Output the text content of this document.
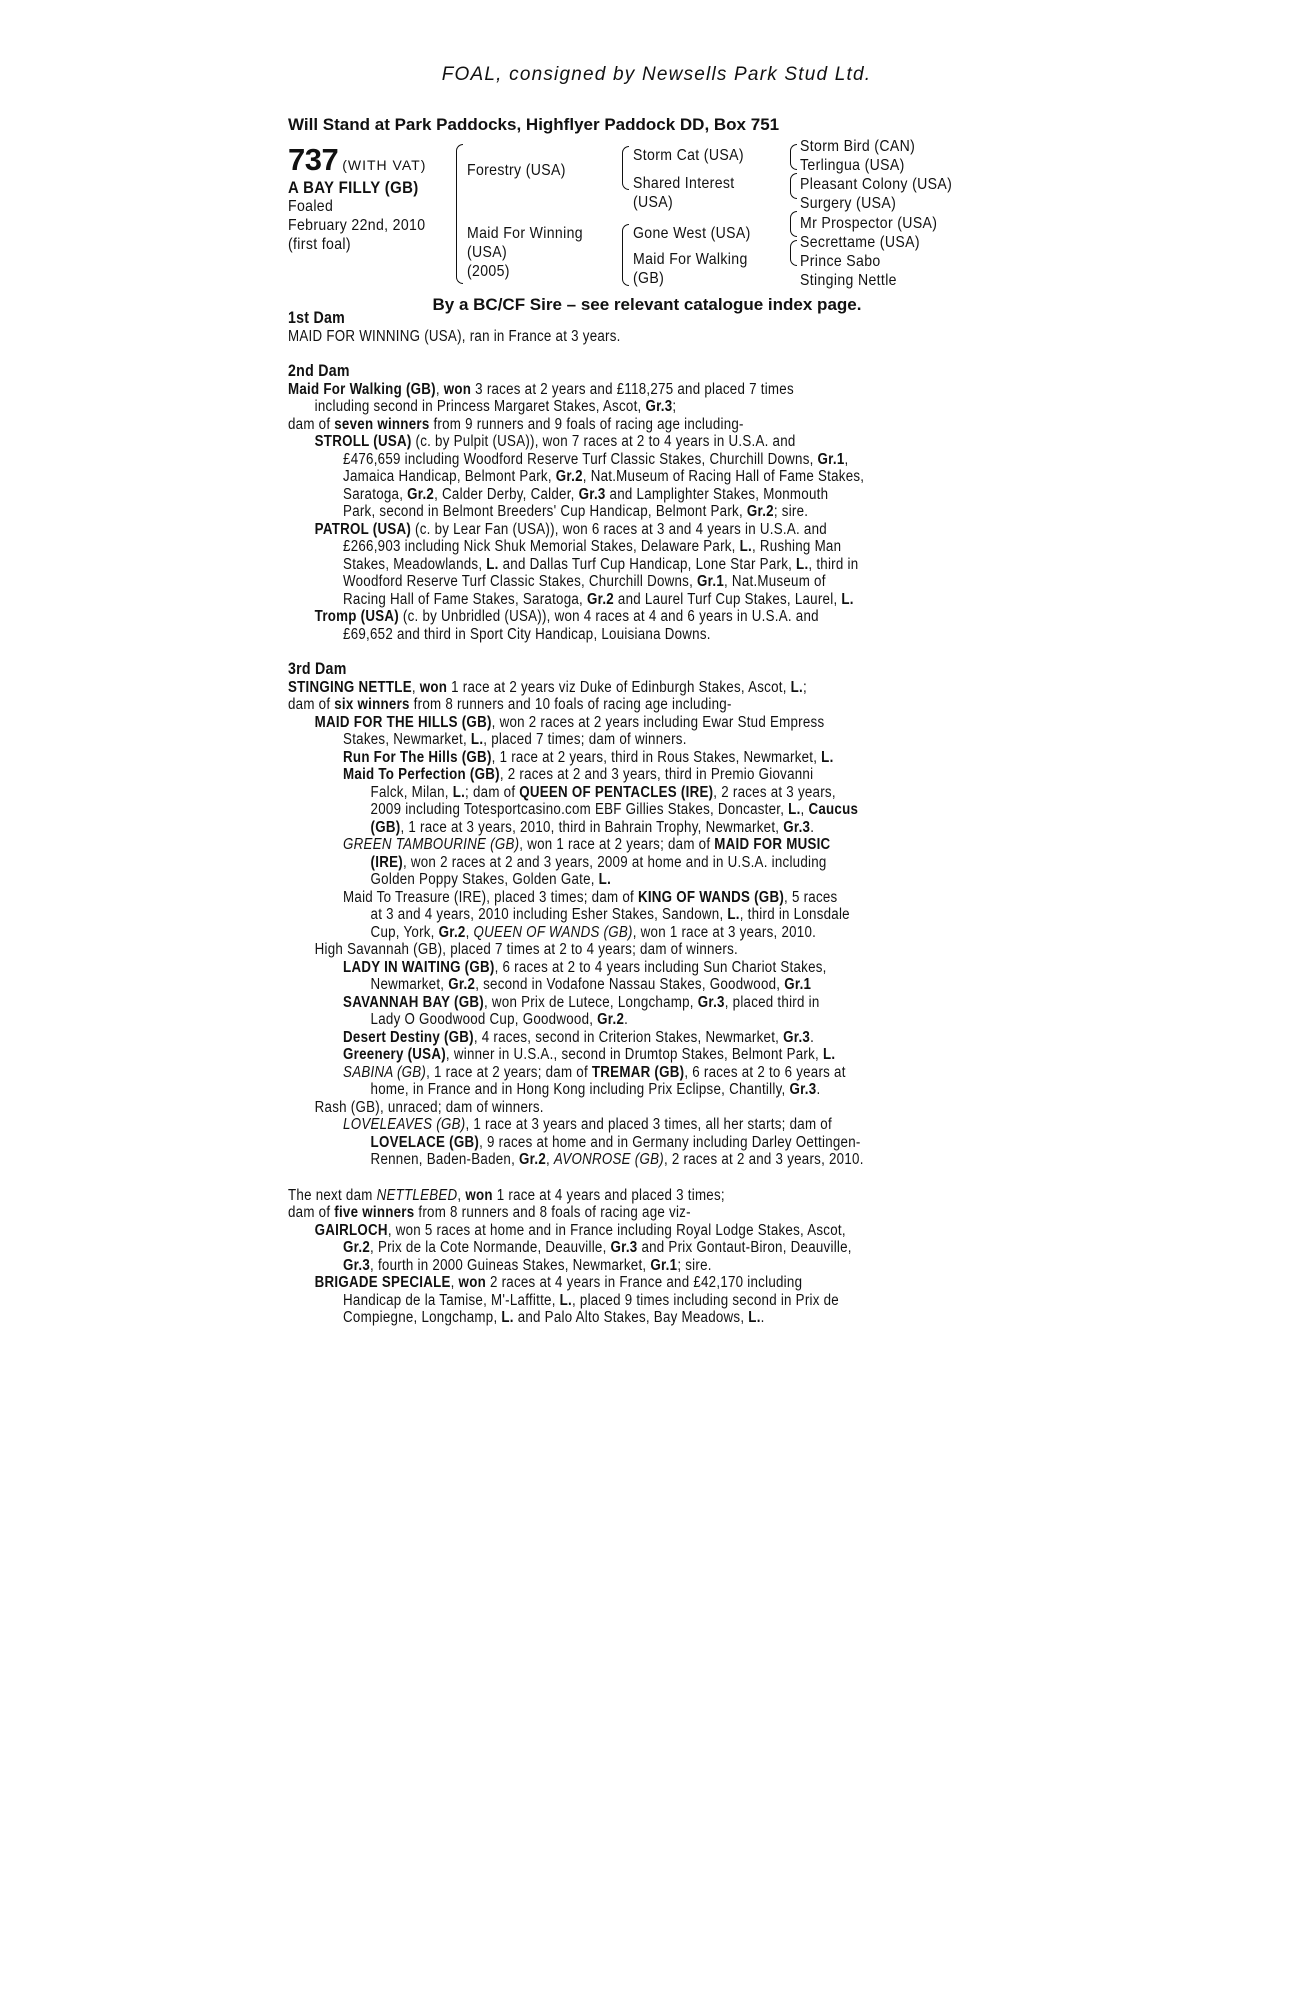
FOAL, consigned by Newsells Park Stud Ltd.
Will Stand at Park Paddocks, Highflyer Paddock DD, Box 751
737 (WITH VAT)
A BAY FILLY (GB)
Foaled
February 22nd, 2010
(first foal)
Forestry (USA)
Maid For Winning
(USA)
(2005)
Storm Cat (USA)
Shared Interest
(USA)
Gone West (USA)
Maid For Walking
(GB)
Storm Bird (CAN)
Terlingua (USA)
Pleasant Colony (USA)
Surgery (USA)
Mr Prospector (USA)
Secrettame (USA)
Prince Sabo
Stinging Nettle
By a BC/CF Sire – see relevant catalogue index page.

1st Dam

MAID FOR WINNING (USA), ran in France at 3 years.

2nd Dam

Maid For Walking (GB), won 3 races at 2 years and £118,275 and placed 7 times

including second in Princess Margaret Stakes, Ascot, Gr.3;

dam of seven winners from 9 runners and 9 foals of racing age including-

STROLL (USA) (c. by Pulpit (USA)), won 7 races at 2 to 4 years in U.S.A. and

£476,659 including Woodford Reserve Turf Classic Stakes, Churchill Downs, Gr.1,

Jamaica Handicap, Belmont Park, Gr.2, Nat.Museum of Racing Hall of Fame Stakes,

Saratoga, Gr.2, Calder Derby, Calder, Gr.3 and Lamplighter Stakes, Monmouth

Park, second in Belmont Breeders' Cup Handicap, Belmont Park, Gr.2; sire.

PATROL (USA) (c. by Lear Fan (USA)), won 6 races at 3 and 4 years in U.S.A. and

£266,903 including Nick Shuk Memorial Stakes, Delaware Park, L., Rushing Man

Stakes, Meadowlands, L. and Dallas Turf Cup Handicap, Lone Star Park, L., third in

Woodford Reserve Turf Classic Stakes, Churchill Downs, Gr.1, Nat.Museum of

Racing Hall of Fame Stakes, Saratoga, Gr.2 and Laurel Turf Cup Stakes, Laurel, L.

Tromp (USA) (c. by Unbridled (USA)), won 4 races at 4 and 6 years in U.S.A. and

£69,652 and third in Sport City Handicap, Louisiana Downs.

3rd Dam

STINGING NETTLE, won 1 race at 2 years viz Duke of Edinburgh Stakes, Ascot, L.;

dam of six winners from 8 runners and 10 foals of racing age including-

MAID FOR THE HILLS (GB), won 2 races at 2 years including Ewar Stud Empress

Stakes, Newmarket, L., placed 7 times; dam of winners.

Run For The Hills (GB), 1 race at 2 years, third in Rous Stakes, Newmarket, L.

Maid To Perfection (GB), 2 races at 2 and 3 years, third in Premio Giovanni

Falck, Milan, L.; dam of QUEEN OF PENTACLES (IRE), 2 races at 3 years,

2009 including Totesportcasino.com EBF Gillies Stakes, Doncaster, L., Caucus

(GB), 1 race at 3 years, 2010, third in Bahrain Trophy, Newmarket, Gr.3.

GREEN TAMBOURINE (GB), won 1 race at 2 years; dam of MAID FOR MUSIC

(IRE), won 2 races at 2 and 3 years, 2009 at home and in U.S.A. including

Golden Poppy Stakes, Golden Gate, L.

Maid To Treasure (IRE), placed 3 times; dam of KING OF WANDS (GB), 5 races

at 3 and 4 years, 2010 including Esher Stakes, Sandown, L., third in Lonsdale

Cup, York, Gr.2, QUEEN OF WANDS (GB), won 1 race at 3 years, 2010.

High Savannah (GB), placed 7 times at 2 to 4 years; dam of winners.

LADY IN WAITING (GB), 6 races at 2 to 4 years including Sun Chariot Stakes,

Newmarket, Gr.2, second in Vodafone Nassau Stakes, Goodwood, Gr.1

SAVANNAH BAY (GB), won Prix de Lutece, Longchamp, Gr.3, placed third in

Lady O Goodwood Cup, Goodwood, Gr.2.

Desert Destiny (GB), 4 races, second in Criterion Stakes, Newmarket, Gr.3.

Greenery (USA), winner in U.S.A., second in Drumtop Stakes, Belmont Park, L.

SABINA (GB), 1 race at 2 years; dam of TREMAR (GB), 6 races at 2 to 6 years at

home, in France and in Hong Kong including Prix Eclipse, Chantilly, Gr.3.

Rash (GB), unraced; dam of winners.

LOVELEAVES (GB), 1 race at 3 years and placed 3 times, all her starts; dam of

LOVELACE (GB), 9 races at home and in Germany including Darley Oettingen-

Rennen, Baden-Baden, Gr.2, AVONROSE (GB), 2 races at 2 and 3 years, 2010.

The next dam NETTLEBED, won 1 race at 4 years and placed 3 times;

dam of five winners from 8 runners and 8 foals of racing age viz-

GAIRLOCH, won 5 races at home and in France including Royal Lodge Stakes, Ascot,

Gr.2, Prix de la Cote Normande, Deauville, Gr.3 and Prix Gontaut-Biron, Deauville,

Gr.3, fourth in 2000 Guineas Stakes, Newmarket, Gr.1; sire.

BRIGADE SPECIALE, won 2 races at 4 years in France and £42,170 including

Handicap de la Tamise, M'-Laffitte, L., placed 9 times including second in Prix de

Compiegne, Longchamp, L. and Palo Alto Stakes, Bay Meadows, L..
